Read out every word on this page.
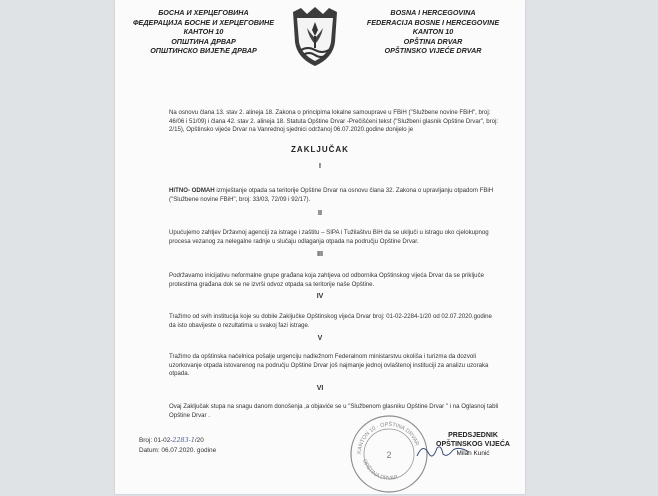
БОСНА И ХЕРЦЕГОВИНА
ФЕДЕРАЦИЈА БОСНЕ И ХЕРЦЕГОВИНЕ
КАНТОН 10
ОПШТИНА ДРВАР
ОПШТИНСКО ВИЈЕЋЕ ДРВАР
BOSNA I HERCEGOVINA
FEDERACIJA BOSNE I HERCEGOVINE
KANTON 10
OPŠTINA DRVAR
OPŠTINSKO VIJEĆE DRVAR
Na osnovu člana 13. stav 2. alineja 18. Zakona o principima lokalne samouprave u FBiH ("Službene novine FBiH", broj: 46/06 i 51/09) i člana 42. stav 2. alineja 18. Statuta Opštine Drvar -Prečišćeni tekst ("Službeni glasnik Opštine Drvar", broj: 2/15), Opštinsko vijeće Drvar na Vanrednoj sjednici održanoj 06.07.2020.godine donijelo je
ZAKLJUČAK
I
HITNO- ODMAH izmještanje otpada sa teritorije Opštine Drvar na osnovu člana 32. Zakona o upravljanju otpadom FBiH ("Službene novine FBiH", broj: 33/03, 72/09 i 92/17).
II
Upućujemo zahtjev Državnoj agenciji za istrage i zaštitu – SIPA i Tužilaštvu BiH da se uključi u istragu oko cjelokupnog procesa vezanog za nelegalne radnje u slučaju odlaganja otpada na području Opštine Drvar.
III
Podržavamo inicijativu neformalne grupe građana koja zahtjeva od odbornika Opštinskog vijeća Drvar da se priključe protestima građana dok se ne izvrši odvoz otpada sa teritorije naše Opštine.
IV
Tražimo od svih institucija koje su dobile Zaključke Opštinskog vijeća Drvar broj: 01-02-2284-1/20 od 02.07.2020.godine da isto obavijeste o rezultatima u svakoj fazi istrage.
V
Tražimo da opštinska načelnica pošalje urgenciju nadležnom Federalnom ministarstvu okoliša i turizma da dozvoli uzorkovanje otpada istovarenog na području Opštine Drvar još najmanje jednoj ovlaštenoj instituciji za analizu uzoraka otpada.
VI
Ovaj Zaključak stupa na snagu danom donošenja ,a objaviće se u "Službenom glasniku Opštine Drvar " i na Oglasnoj tabli Opštine Drvar .
Broj: 01-02-2283-1/20
Datum: 06.07.2020. godine	KANTON 10 · OPŠTINA DRVAR
OPŠTINA DRVAR
2
PREDSJEDNIK
OPŠTINSKOG VIJEĆA
Milan Kunić
